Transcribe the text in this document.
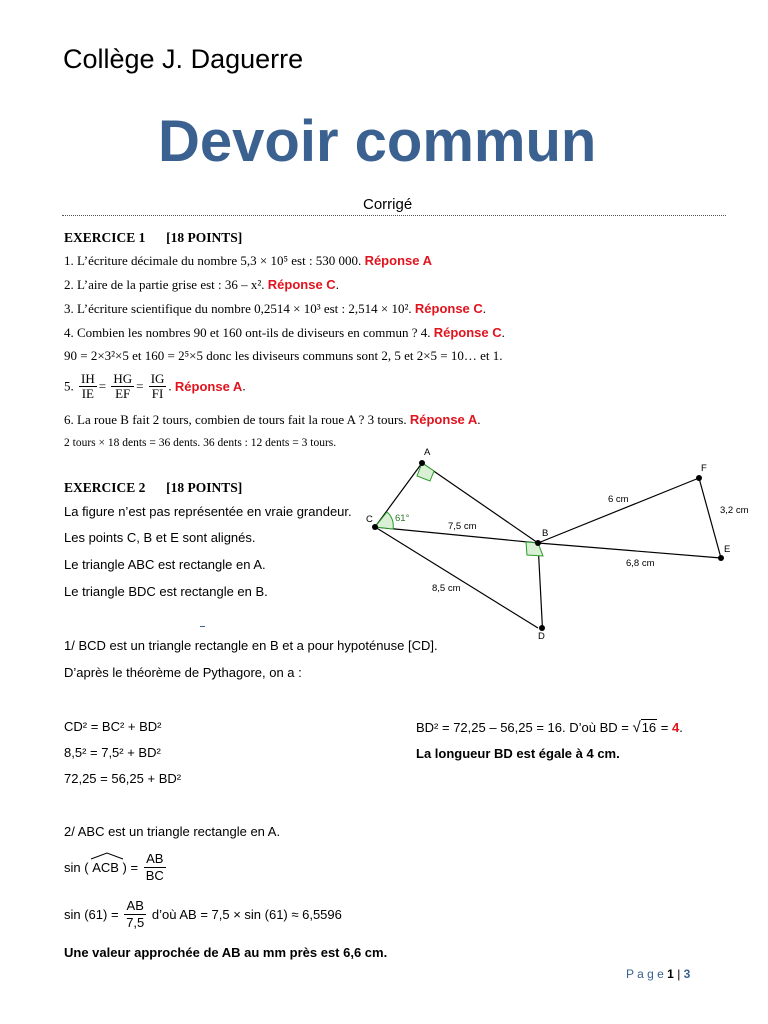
Collège J. Daguerre
Devoir commun
Corrigé
EXERCICE 1 [18 POINTS]
1. L’écriture décimale du nombre 5,3 × 10⁵ est : 530 000. Réponse A
2. L’aire de la partie grise est : 36 – x². Réponse C.
3. L’écriture scientifique du nombre 0,2514 × 10³ est : 2,514 × 10². Réponse C.
4. Combien les nombres 90 et 160 ont-ils de diviseurs en commun ? 4. Réponse C.
90 = 2×3²×5 et 160 = 2⁵×5 donc les diviseurs communs sont 2, 5 et 2×5 = 10… et 1.
5. $\frac{IH}{IE} = \frac{HG}{EF} = \frac{IG}{FI}$ . Réponse A.
6. La roue B fait 2 tours, combien de tours fait la roue A ? 3 tours. Réponse A.
2 tours × 18 dents = 36 dents. 36 dents : 12 dents = 3 tours.
EXERCICE 2 [18 POINTS]
La figure n’est pas représentée en vraie grandeur.
Les points C, B et E sont alignés.
Le triangle ABC est rectangle en A.
Le triangle BDC est rectangle en B.
A
B
C
D
E
F
61°
7,5 cm
8,5 cm
6 cm
3,2 cm
6,8 cm
1/ BCD est un triangle rectangle en B et a pour hypoténuse [CD].
D’après le théorème de Pythagore, on a :
CD² = BC² + BD²
8,5² = 7,5² + BD²
72,25 = 56,25 + BD²
BD² = 72,25 – 56,25 = 16. D’où BD = √16 = 4.
La longueur BD est égale à 4 cm.
2/ ABC est un triangle rectangle en A.
sin ( ACB ) = $\frac{AB}{BC}$
$\sin (61) = \frac{AB}{7,5}$ d’où AB = 7,5 × sin (61) ≈ 6,5596
Une valeur approchée de AB au mm près est 6,6 cm.
P a g e 1 | 3
